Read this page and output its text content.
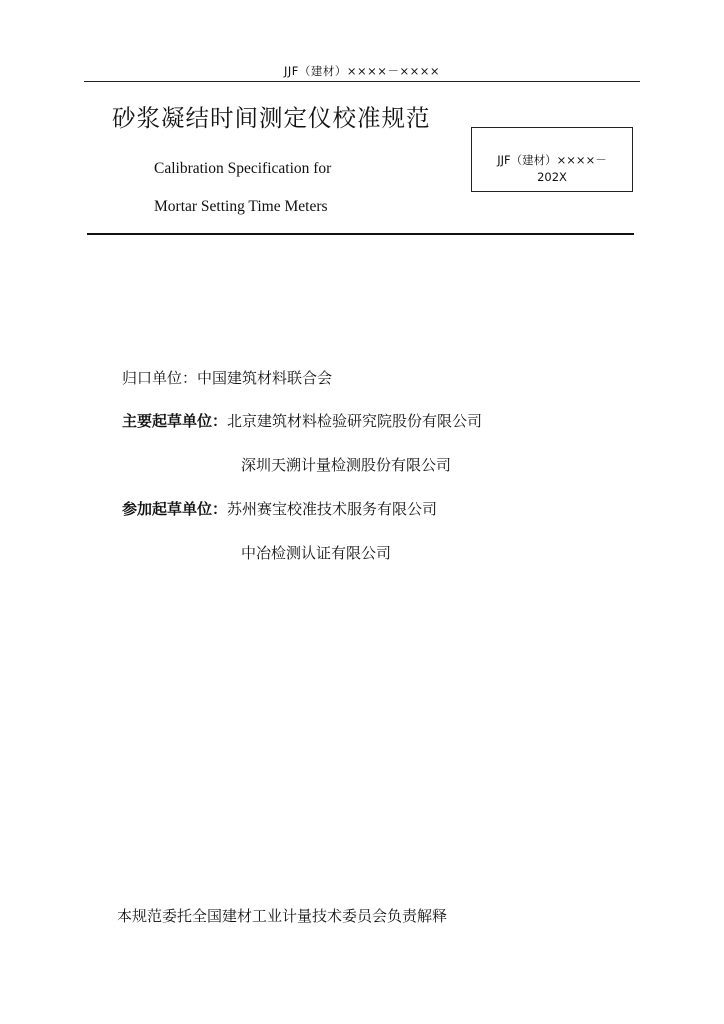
JJF（建材）××××－××××
砂浆凝结时间测定仪校准规范
JJF（建材）××××－
202X
Calibration Specification for
Mortar Setting Time Meters
归口单位：中国建筑材料联合会
主要起草单位：北京建筑材料检验研究院股份有限公司
深圳天溯计量检测股份有限公司
参加起草单位：苏州赛宝校准技术服务有限公司
中冶检测认证有限公司
本规范委托全国建材工业计量技术委员会负责解释
